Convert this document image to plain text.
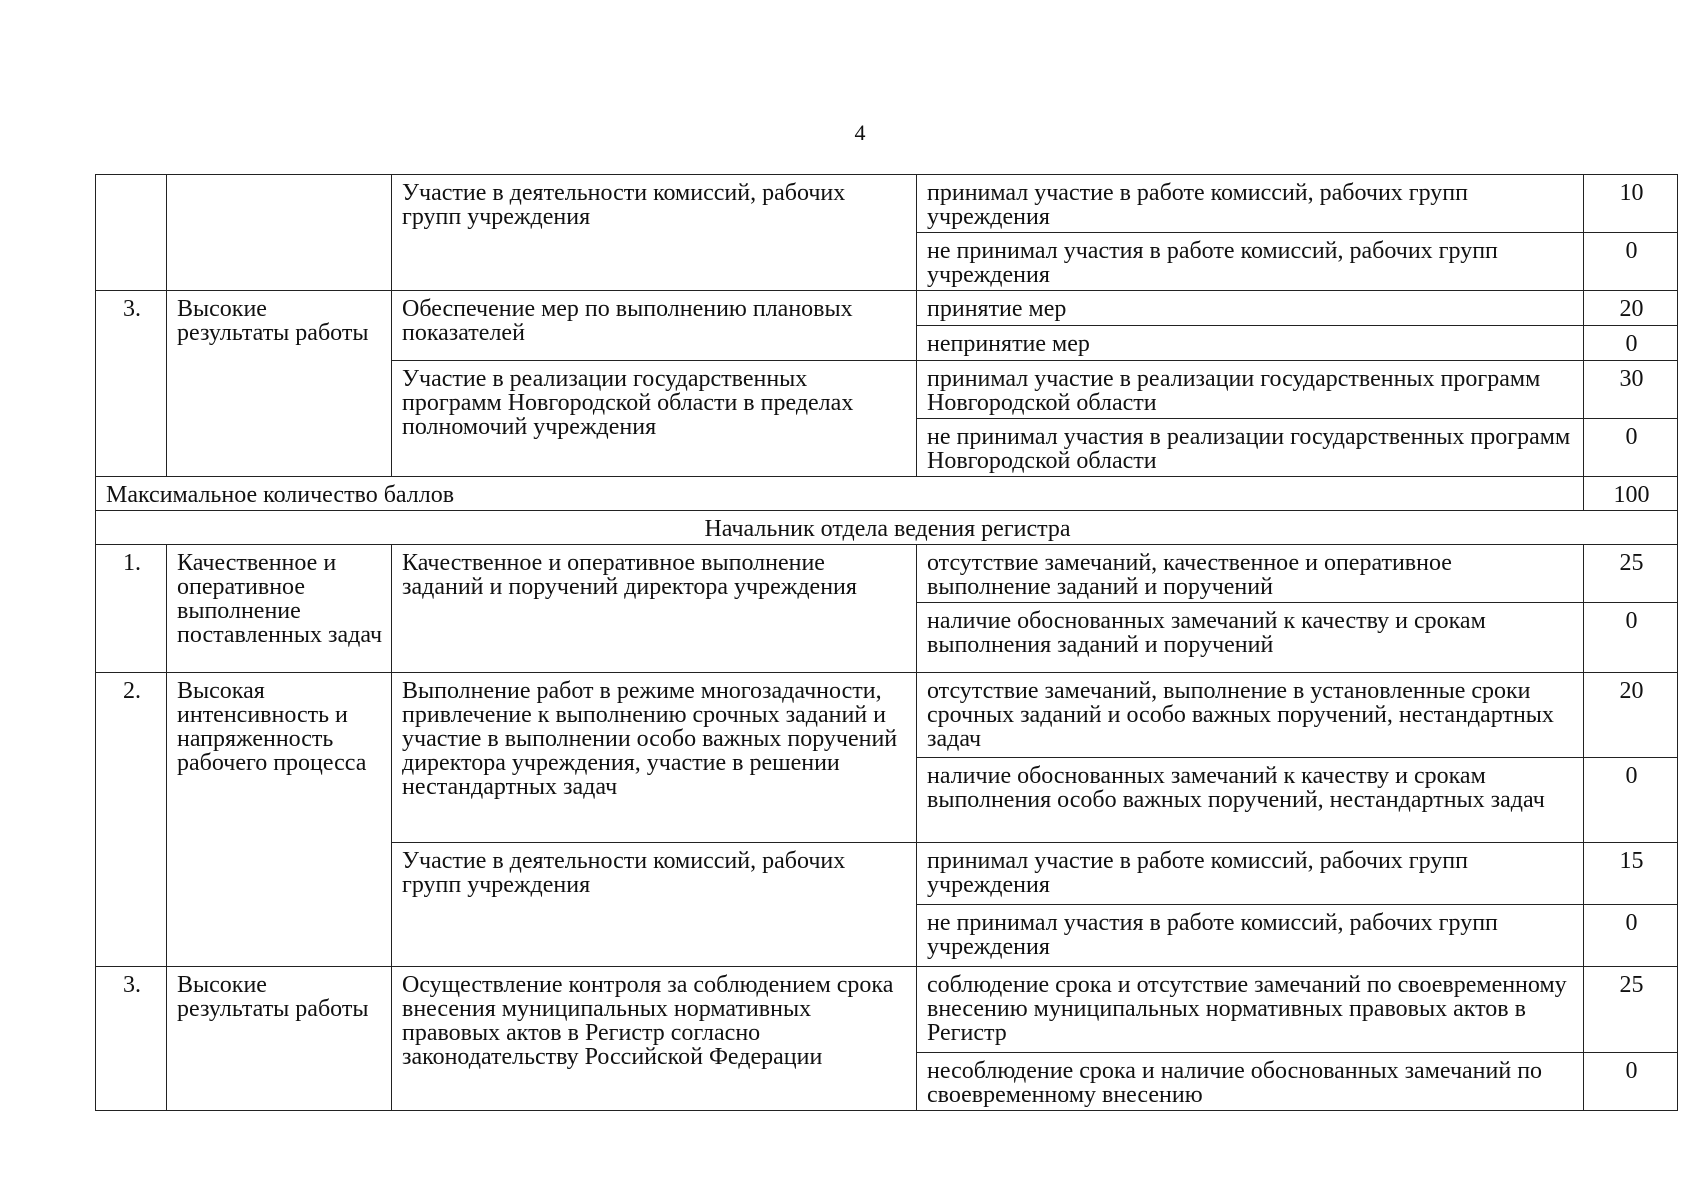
4
		Участие в деятельности комиссий, рабочих групп учреждения	принимал участие в работе комиссий, рабочих групп учреждения	10
			не принимал участия в работе комиссий, рабочих групп учреждения	0
3.	Высокие результаты работы	Обеспечение мер по выполнению плановых показателей	принятие мер	20
			непринятие мер	0
		Участие в реализации государственных программ Новгородской области в пределах полномочий учреждения	принимал участие в реализации государственных программ Новгородской области	30
			не принимал участия в реализации государственных программ Новгородской области	0
Максимальное количество баллов				100
Начальник отдела ведения регистра				
1.	Качественное и оперативное выполнение поставленных задач	Качественное и оперативное выполнение заданий и поручений директора учреждения	отсутствие замечаний, качественное и оперативное выполнение заданий и поручений	25
			наличие обоснованных замечаний к качеству и срокам выполнения заданий и поручений	0
2.	Высокая интенсивность и напряженность рабочего процесса	Выполнение работ в режиме многозадачности, привлечение к выполнению срочных заданий и участие в выполнении особо важных поручений директора учреждения, участие в решении нестандартных задач	отсутствие замечаний, выполнение в установленные сроки срочных заданий и особо важных поручений, нестандартных задач	20
			наличие обоснованных замечаний к качеству и срокам выполнения особо важных поручений, нестандартных задач	0
		Участие в деятельности комиссий, рабочих групп учреждения	принимал участие в работе комиссий, рабочих групп учреждения	15
			не принимал участия в работе комиссий, рабочих групп учреждения	0
3.	Высокие результаты работы	Осуществление контроля за соблюдением срока внесения муниципальных нормативных правовых актов в Регистр согласно законодательству Российской Федерации	соблюдение срока и отсутствие замечаний по своевременному внесению муниципальных нормативных правовых актов в Регистр	25
			несоблюдение срока и наличие обоснованных замечаний по своевременному внесению	0
